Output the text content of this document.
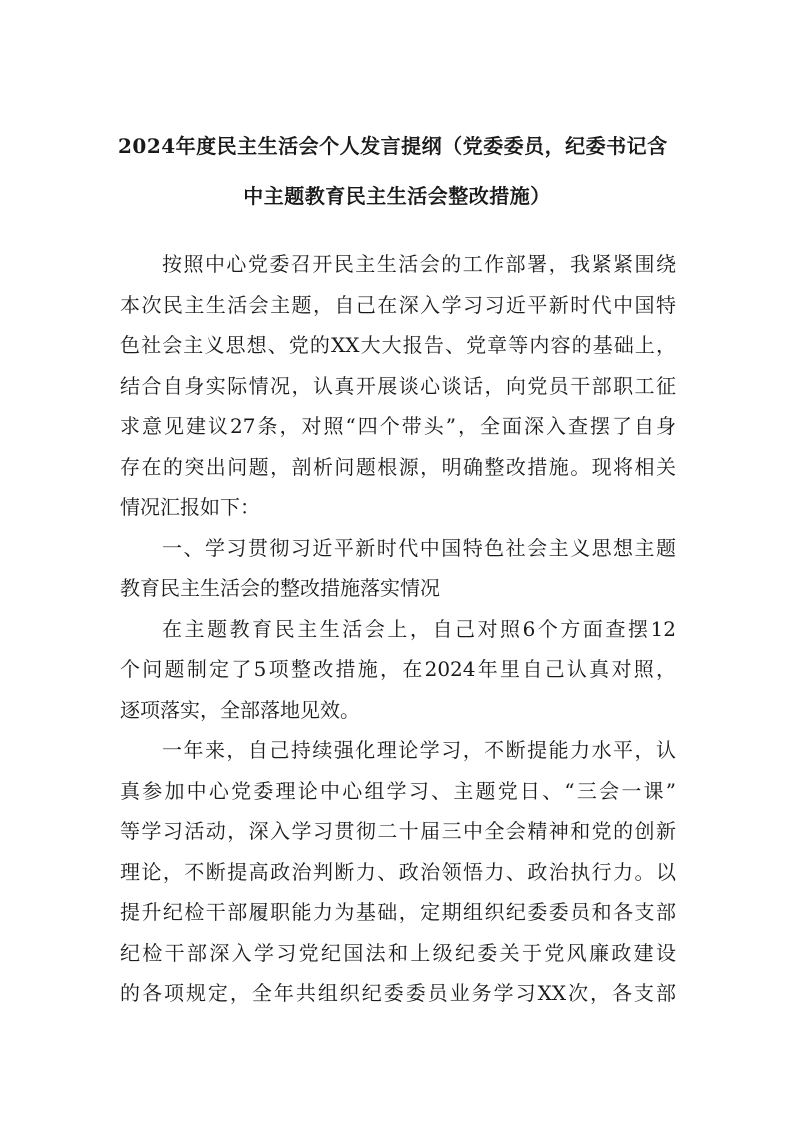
2024年度民主生活会个人发言提纲（党委委员，纪委书记含
中主题教育民主生活会整改措施）
按照中心党委召开民主生活会的工作部署，我紧紧围绕
本次民主生活会主题，自己在深入学习习近平新时代中国特
色社会主义思想、党的XX大大报告、党章等内容的基础上，
结合自身实际情况，认真开展谈心谈话，向党员干部职工征
求意见建议27条，对照“四个带头”，全面深入查摆了自身
存在的突出问题，剖析问题根源，明确整改措施。现将相关
情况汇报如下：
一、学习贯彻习近平新时代中国特色社会主义思想主题
教育民主生活会的整改措施落实情况
在主题教育民主生活会上，自己对照6个方面查摆12
个问题制定了5项整改措施，在2024年里自己认真对照，
逐项落实，全部落地见效。
一年来，自己持续强化理论学习，不断提能力水平，认
真参加中心党委理论中心组学习、主题党日、“三会一课”
等学习活动，深入学习贯彻二十届三中全会精神和党的创新
理论，不断提高政治判断力、政治领悟力、政治执行力。以
提升纪检干部履职能力为基础，定期组织纪委委员和各支部
纪检干部深入学习党纪国法和上级纪委关于党风廉政建设
的各项规定，全年共组织纪委委员业务学习XX次，各支部
